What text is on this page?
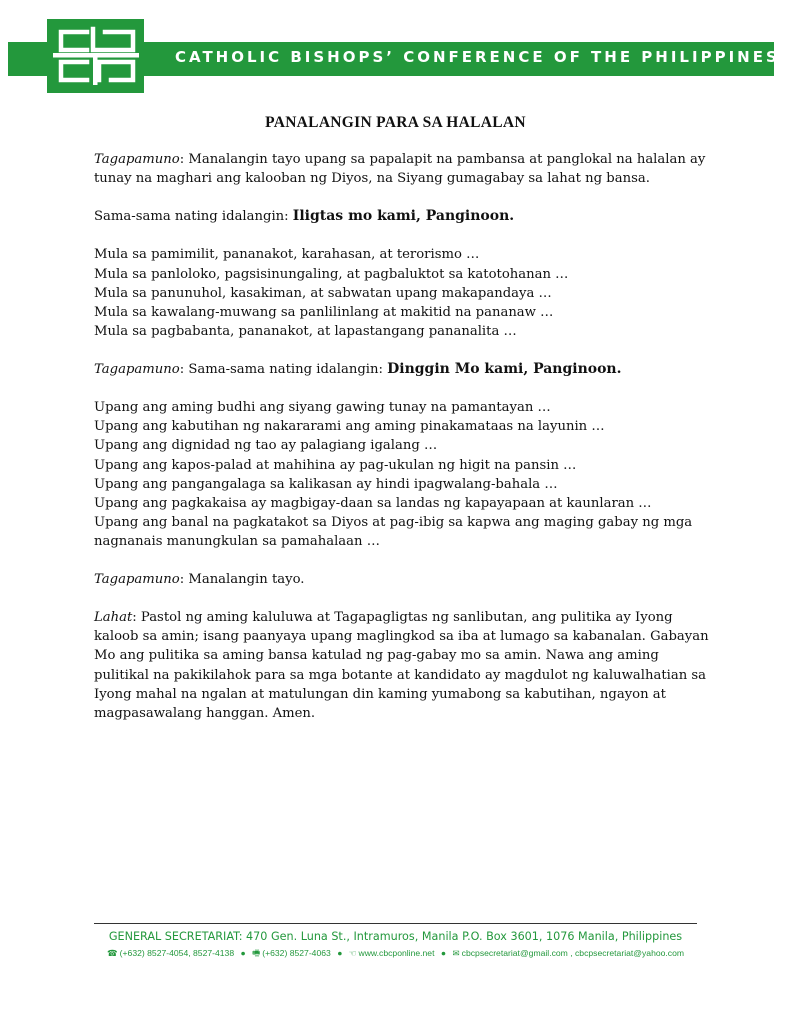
CATHOLIC BISHOPS’ CONFERENCE OF THE PHILIPPINES
PANALANGIN PARA SA HALALAN

Tagapamuno: Manalangin tayo upang sa papalapit na pambansa at panglokal na halalan ay tunay na maghari ang kalooban ng Diyos, na Siyang gumagabay sa lahat ng bansa.

Sama-sama nating idalangin: Iligtas mo kami, Panginoon.

Mula sa pamimilit, pananakot, karahasan, at terorismo …

Mula sa panloloko, pagsisinungaling, at pagbaluktot sa katotohanan …

Mula sa panunuhol, kasakiman, at sabwatan upang makapandaya …

Mula sa kawalang-muwang sa panlilinlang at makitid na pananaw …

Mula sa pagbabanta, pananakot, at lapastangang pananalita …

Tagapamuno: Sama-sama nating idalangin: Dinggin Mo kami, Panginoon.

Upang ang aming budhi ang siyang gawing tunay na pamantayan …

Upang ang kabutihan ng nakararami ang aming pinakamataas na layunin …

Upang ang dignidad ng tao ay palagiang igalang …

Upang ang kapos-palad at mahihina ay pag-ukulan ng higit na pansin …

Upang ang pangangalaga sa kalikasan ay hindi ipagwalang-bahala …

Upang ang pagkakaisa ay magbigay-daan sa landas ng kapayapaan at kaunlaran …

Upang ang banal na pagkatakot sa Diyos at pag-ibig sa kapwa ang maging gabay ng mga nagnanais manungkulan sa pamahalaan …

Tagapamuno: Manalangin tayo.

Lahat: Pastol ng aming kaluluwa at Tagapagligtas ng sanlibutan, ang pulitika ay Iyong kaloob sa amin; isang paanyaya upang maglingkod sa iba at lumago sa kabanalan. Gabayan Mo ang pulitika sa aming bansa katulad ng pag-gabay mo sa amin. Nawa ang aming pulitikal na pakikilahok para sa mga botante at kandidato ay magdulot ng kaluwalhatian sa Iyong mahal na ngalan at matulungan din kaming yumabong sa kabutihan, ngayon at magpasawalang hanggan. Amen.

GENERAL SECRETARIAT: 470 Gen. Luna St., Intramuros, Manila P.O. Box 3601, 1076 Manila, Philippines
☎ (+632) 8527-4054, 8527-4138 ● 🖷 (+632) 8527-4063 ● ☜ www.cbcponline.net ● ✉ cbcpsecretariat@gmail.com , cbcpsecretariat@yahoo.com
